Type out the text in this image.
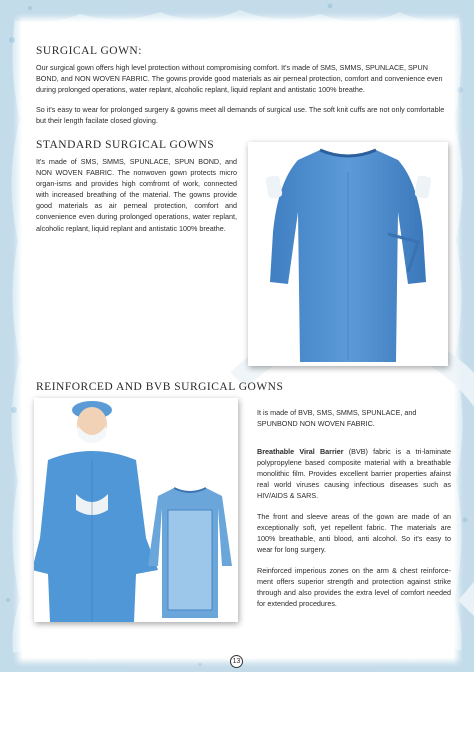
SURGICAL GOWN:

Our surgical gown offers high level protection without compromising comfort. It's made of SMS, SMMS, SPUNLACE, SPUN BOND, and NON WOVEN FABRIC. The gowns provide good materials as air perneal protection, comfort and convenience even during prolonged operations, water replant, alcoholic replant, liquid replant and antistatic 100% breathe.

So it's easy to wear for prolonged surgery & gowns meet all demands of surgical use. The soft knit cuffs are not only comfortable but their length facilate closed gloving.

STANDARD SURGICAL GOWNS

It's made of SMS, SMMS, SPUNLACE, SPUN BOND, and NON WOVEN FABRIC. The nonwoven gown protects micro organ-isms and provides high comfromt of work, connected with increased breathing of the material. The gowns provide good materials as air perneal protection, comfort and convenience even during prolonged operations, water replant, alcoholic replant, liquid replant and antistatic 100% breathe.

REINFORCED AND BVB SURGICAL GOWNS

It is made of BVB, SMS, SMMS, SPUNLACE, and SPUNBOND NON WOVEN FABRIC.

Breathable Viral Barrier (BVB) fabric is a tri-laminate polypropylene based composite material with a breathable monolithic film. Provides excellent barrier properties afainst real world viruses causing infectious diseases such as HIV/AIDS & SARS.

The front and sleeve areas of the gown are made of an exceptionally soft, yet repellent fabric. The materials are 100% breathable, anti blood, anti alcohol. So it's easy to wear for long surgery.

Reinforced imperious zones on the arm & chest reinforce-ment offers superior strength and protection against strike through and also provides the extra level of comfort needed for extended procedures.

13
